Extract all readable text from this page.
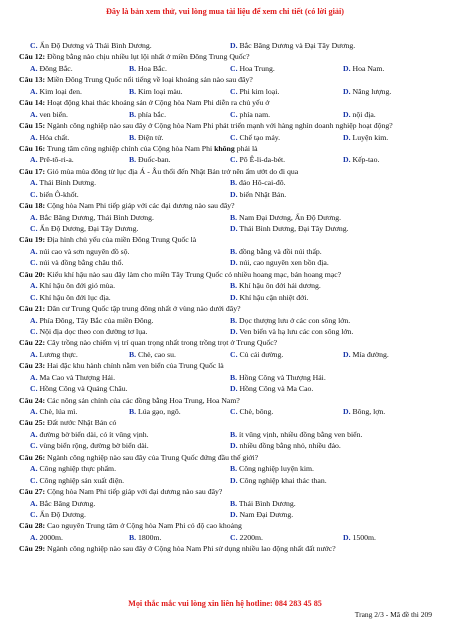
Đây là bản xem thử, vui lòng mua tài liệu để xem chi tiết (có lời giải)
C. Ấn Độ Dương và Thái Bình Dương.	D. Bắc Băng Dương và Đại Tây Dương.
Câu 12: Đồng bằng nào chịu nhiều lụt lội nhất ở miền Đông Trung Quốc?
A. Đông Bắc.	B. Hoa Bắc.	C. Hoa Trung.	D. Hoa Nam.
Câu 13: Miền Đông Trung Quốc nổi tiếng về loại khoáng sản nào sau đây?
A. Kim loại đen.	B. Kim loại màu.	C. Phi kim loại.	D. Năng lượng.
Câu 14: Hoạt động khai thác khoáng sản ở Cộng hòa Nam Phi diễn ra chủ yếu ở
A. ven biển.	B. phía bắc.	C. phía nam.	D. nội địa.
Câu 15: Ngành công nghiệp nào sau đây ở Cộng hòa Nam Phi phát triển mạnh với hàng nghìn doanh nghiệp hoạt động?
A. Hóa chất.	B. Điện tử.	C. Chế tạo máy.	D. Luyện kim.
Câu 16: Trung tâm công nghiệp chính của Cộng hòa Nam Phi không phải là
A. Prê-tô-ri-a.	B. Đuốc-ban.	C. Pô Ê-li-da-bét.	D. Kếp-tao.
Câu 17: Gió mùa mùa đông từ lục địa Á - Âu thổi đến Nhật Bản trở nên ẩm ướt do đi qua
A. Thái Bình Dương.	B. đảo Hô-cai-đô.
C. biển Ô-khốt.	D. biển Nhật Bản.
Câu 18: Cộng hòa Nam Phi tiếp giáp với các đại dương nào sau đây?
A. Bắc Băng Dương, Thái Bình Dương.	B. Nam Đại Dương, Ấn Độ Dương.
C. Ấn Độ Dương, Đại Tây Dương.	D. Thái Bình Dương, Đại Tây Dương.
Câu 19: Địa hình chủ yếu của miền Đông Trung Quốc là
A. núi cao và sơn nguyên đồ sộ.	B. đồng bằng và đồi núi thấp.
C. núi và đồng bằng châu thổ.	D. núi, cao nguyên xen bồn địa.
Câu 20: Kiểu khí hậu nào sau đây làm cho miền Tây Trung Quốc có nhiều hoang mạc, bán hoang mạc?
A. Khí hậu ôn đới gió mùa.	B. Khí hậu ôn đới hải dương.
C. Khí hậu ôn đới lục địa.	D. Khí hậu cận nhiệt đới.
Câu 21: Dân cư Trung Quốc tập trung đông nhất ở vùng nào dưới đây?
A. Phía Đông, Tây Bắc của miền Đông.	B. Dọc thượng lưu ở các con sông lớn.
C. Nội địa dọc theo con đường tơ lụa.	D. Ven biển và hạ lưu các con sông lớn.
Câu 22: Cây trồng nào chiếm vị trí quan trọng nhất trong trồng trọt ở Trung Quốc?
A. Lương thực.	B. Chè, cao su.	C. Củ cải đường.	D. Mía đường.
Câu 23: Hai đặc khu hành chính nằm ven biển của Trung Quốc là
A. Ma Cao và Thượng Hải.	B. Hồng Công và Thượng Hải.
C. Hồng Công và Quảng Châu.	D. Hồng Công và Ma Cao.
Câu 24: Các nông sản chính của các đồng bằng Hoa Trung, Hoa Nam?
A. Chè, lúa mì.	B. Lúa gạo, ngô.	C. Chè, bông.	D. Bông, lợn.
Câu 25: Đất nước Nhật Bản có
A. đường bờ biển dài, có ít vũng vịnh.	B. ít vũng vịnh, nhiều đồng bằng ven biển.
C. vùng biển rộng, đường bờ biển dài.	D. nhiều đồng bằng nhỏ, nhiều đảo.
Câu 26: Ngành công nghiệp nào sau đây của Trung Quốc đứng đầu thế giới?
A. Công nghiệp thực phẩm.	B. Công nghiệp luyện kim.
C. Công nghiệp sản xuất điện.	D. Công nghiệp khai thác than.
Câu 27: Cộng hòa Nam Phi tiếp giáp với đại dương nào sau đây?
A. Bắc Băng Dương.	B. Thái Bình Dương.
C. Ấn Độ Dương.	D. Nam Đại Dương.
Câu 28: Cao nguyên Trung tâm ở Cộng hòa Nam Phi có độ cao khoảng
A. 2000m.	B. 1800m.	C. 2200m.	D. 1500m.
Câu 29: Ngành công nghiệp nào sau đây ở Cộng hòa Nam Phi sử dụng nhiều lao động nhất đất nước?
Mọi thắc mắc vui lòng xin liên hệ hotline: 084 283 45 85
Trang 2/3 - Mã đề thi 209
